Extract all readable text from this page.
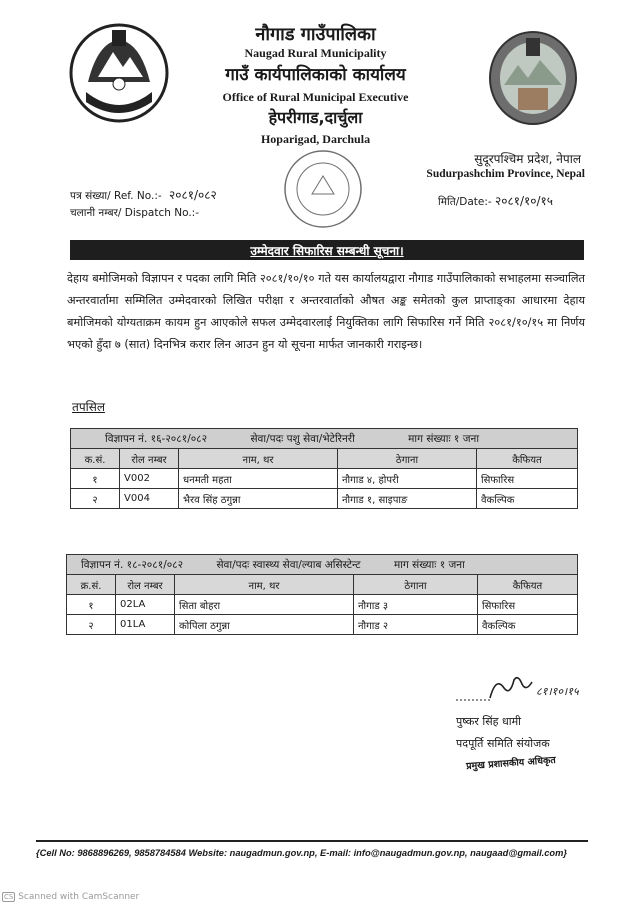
नौगाड गाउँपालिका
Naugad Rural Municipality
गाउँ कार्यपालिकाको कार्यालय
Office of Rural Municipal Executive
हेपरीगाड,दार्चुला
Hoparigad, Darchula
सुदूरपश्चिम प्रदेश, नेपाल
Sudurpashchim Province, Nepal
पत्र संख्या/ Ref. No.:- २०८१/०८२
चलानी नम्बर/ Dispatch No.:-
मिति/Date:- २०८१/१०/१५
उम्मेदवार सिफारिस सम्बन्धी सूचना।
देहाय बमोजिमको विज्ञापन र पदका लागि मिति २०८१/१०/१० गते यस कार्यालयद्वारा नौगाड गाउँपालिकाको सभाहलमा सञ्चालित अन्तरवार्तामा सम्मिलित उम्मेदवारको लिखित परीक्षा र अन्तरवार्ताको औषत अङ्क समेतको कुल प्राप्ताङ्‌का आधारमा देहाय बमोजिमको योग्यताक्रम कायम हुन आएकोले सफल उम्मेदवारलाई नियुक्तिका लागि सिफारिस गर्ने मिति २०८१/१०/१५ मा निर्णय भएको हुँदा ७ (सात) दिनभित्र करार लिन आउन हुन यो सूचना मार्फत जानकारी गराइन्छ।
तपसिल
विज्ञापन नं. १६-२०८१/०८२ सेवा/पदः पशु सेवा/भेटेरिनरी माग संख्याः १ जना				
क.सं.	रोल नम्बर	नाम, थर	ठेगाना	कैफियत
१	V002	धनमती महता	नौगाड ४, होपरी	सिफारिस
२	V004	भैरव सिंह ठगुन्ना	नौगाड १, साइपाङ	वैकल्पिक
विज्ञापन नं. १८-२०८१/०८२ सेवा/पदः स्वास्थ्य सेवा/ल्याब असिस्टेन्ट माग संख्याः १ जना				
क्र.सं.	रोल नम्बर	नाम, थर	ठेगाना	कैफियत
१	02LA	सिता बोहरा	नौगाड ३	सिफारिस
२	01LA	कोपिला ठगुन्ना	नौगाड २	वैकल्पिक
८१।१०।१५
पुष्कर सिंह धामी
पदपूर्ति समिति संयोजक
प्रमुख प्रशासकीय अधिकृत
{Cell No: 9868896269, 9858784584 Website: naugadmun.gov.np, E-mail: info@naugadmun.gov.np, naugaad@gmail.com}
CS Scanned with CamScanner
